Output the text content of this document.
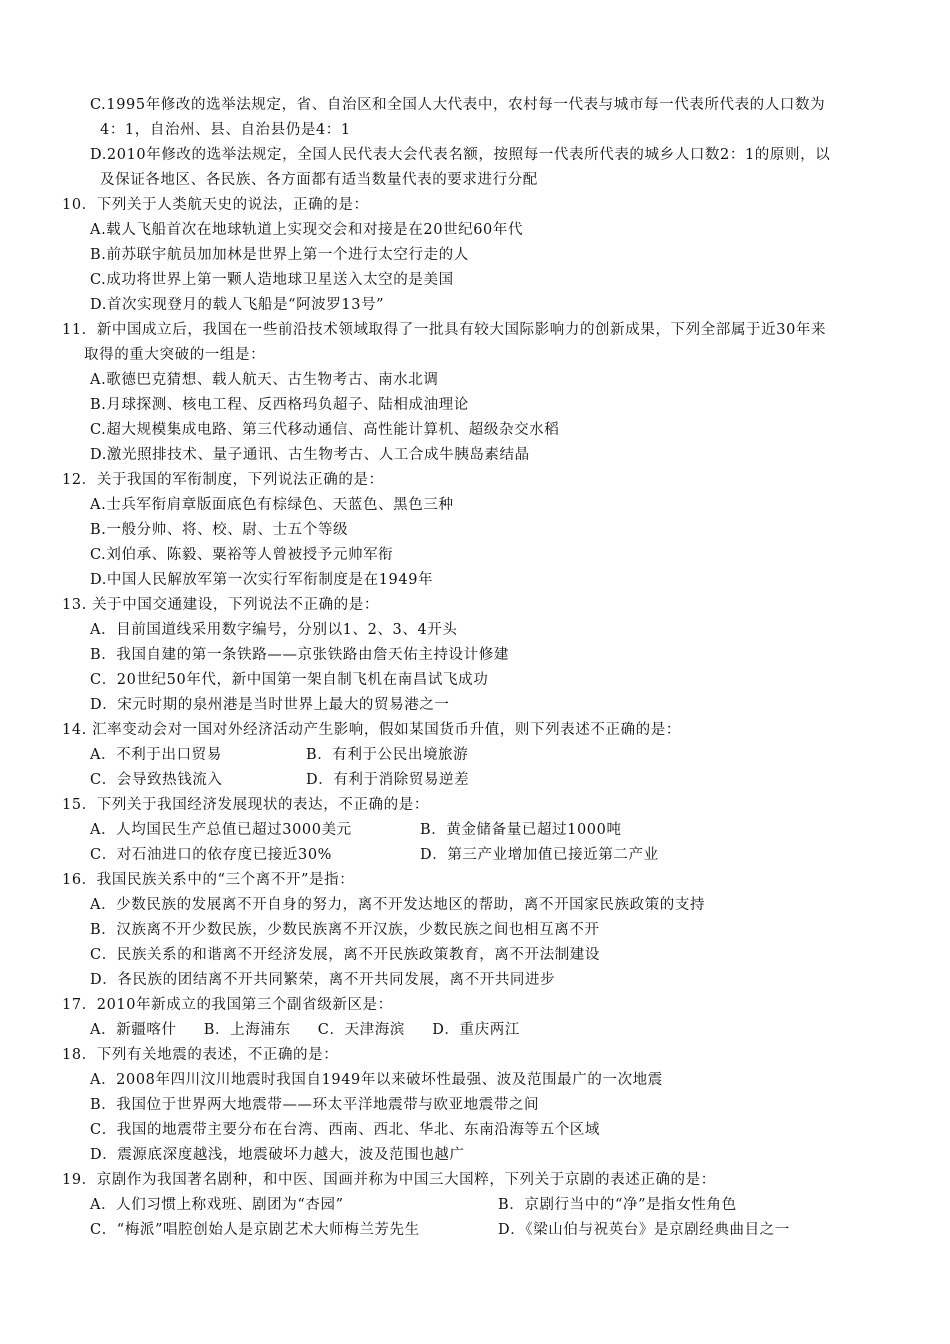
C.1995年修改的选举法规定，省、自治区和全国人大代表中，农村每一代表与城市每一代表所代表的人口数为
4：1，自治州、县、自治县仍是4：1
D.2010年修改的选举法规定，全国人民代表大会代表名额，按照每一代表所代表的城乡人口数2：1的原则，以
及保证各地区、各民族、各方面都有适当数量代表的要求进行分配
10．下列关于人类航天史的说法，正确的是：
A.载人飞船首次在地球轨道上实现交会和对接是在20世纪60年代
B.前苏联宇航员加加林是世界上第一个进行太空行走的人
C.成功将世界上第一颗人造地球卫星送入太空的是美国
D.首次实现登月的载人飞船是“阿波罗13号”
11．新中国成立后，我国在一些前沿技术领域取得了一批具有较大国际影响力的创新成果，下列全部属于近30年来
取得的重大突破的一组是：
A.歌德巴克猜想、载人航天、古生物考古、南水北调
B.月球探测、核电工程、反西格玛负超子、陆相成油理论
C.超大规模集成电路、第三代移动通信、高性能计算机、超级杂交水稻
D.激光照排技术、量子通讯、古生物考古、人工合成牛胰岛素结晶
12．关于我国的军衔制度，下列说法正确的是：
A.士兵军衔肩章版面底色有棕绿色、天蓝色、黑色三种
B.一般分帅、将、校、尉、士五个等级
C.刘伯承、陈毅、粟裕等人曾被授予元帅军衔
D.中国人民解放军第一次实行军衔制度是在1949年
13. 关于中国交通建设，下列说法不正确的是：
A．目前国道线采用数字编号，分别以1、2、3、4开头
B．我国自建的第一条铁路——京张铁路由詹天佑主持设计修建
C．20世纪50年代，新中国第一架自制飞机在南昌试飞成功
D．宋元时期的泉州港是当时世界上最大的贸易港之一
14. 汇率变动会对一国对外经济活动产生影响，假如某国货币升值，则下列表述不正确的是：
A．不利于出口贸易	B．有利于公民出境旅游
C．会导致热钱流入	D．有利于消除贸易逆差
15．下列关于我国经济发展现状的表达，不正确的是：
A．人均国民生产总值已超过3000美元	B．黄金储备量已超过1000吨
C．对石油进口的依存度已接近30%	D．第三产业增加值已接近第二产业
16．我国民族关系中的“三个离不开”是指：
A．少数民族的发展离不开自身的努力，离不开发达地区的帮助，离不开国家民族政策的支持
B．汉族离不开少数民族，少数民族离不开汉族，少数民族之间也相互离不开
C．民族关系的和谐离不开经济发展，离不开民族政策教育，离不开法制建设
D．各民族的团结离不开共同繁荣，离不开共同发展，离不开共同进步
17．2010年新成立的我国第三个副省级新区是：
A．新疆喀什 B．上海浦东 C．天津海滨 D．重庆两江
18．下列有关地震的表述，不正确的是：
A．2008年四川汶川地震时我国自1949年以来破坏性最强、波及范围最广的一次地震
B．我国位于世界两大地震带——环太平洋地震带与欧亚地震带之间
C．我国的地震带主要分布在台湾、西南、西北、华北、东南沿海等五个区域
D．震源底深度越浅，地震破坏力越大，波及范围也越广
19．京剧作为我国著名剧种，和中医、国画并称为中国三大国粹，下列关于京剧的表述正确的是：
A．人们习惯上称戏班、剧团为“杏园”	B．京剧行当中的“净”是指女性角色
C．“梅派”唱腔创始人是京剧艺术大师梅兰芳先生	D．《梁山伯与祝英台》是京剧经典曲目之一
